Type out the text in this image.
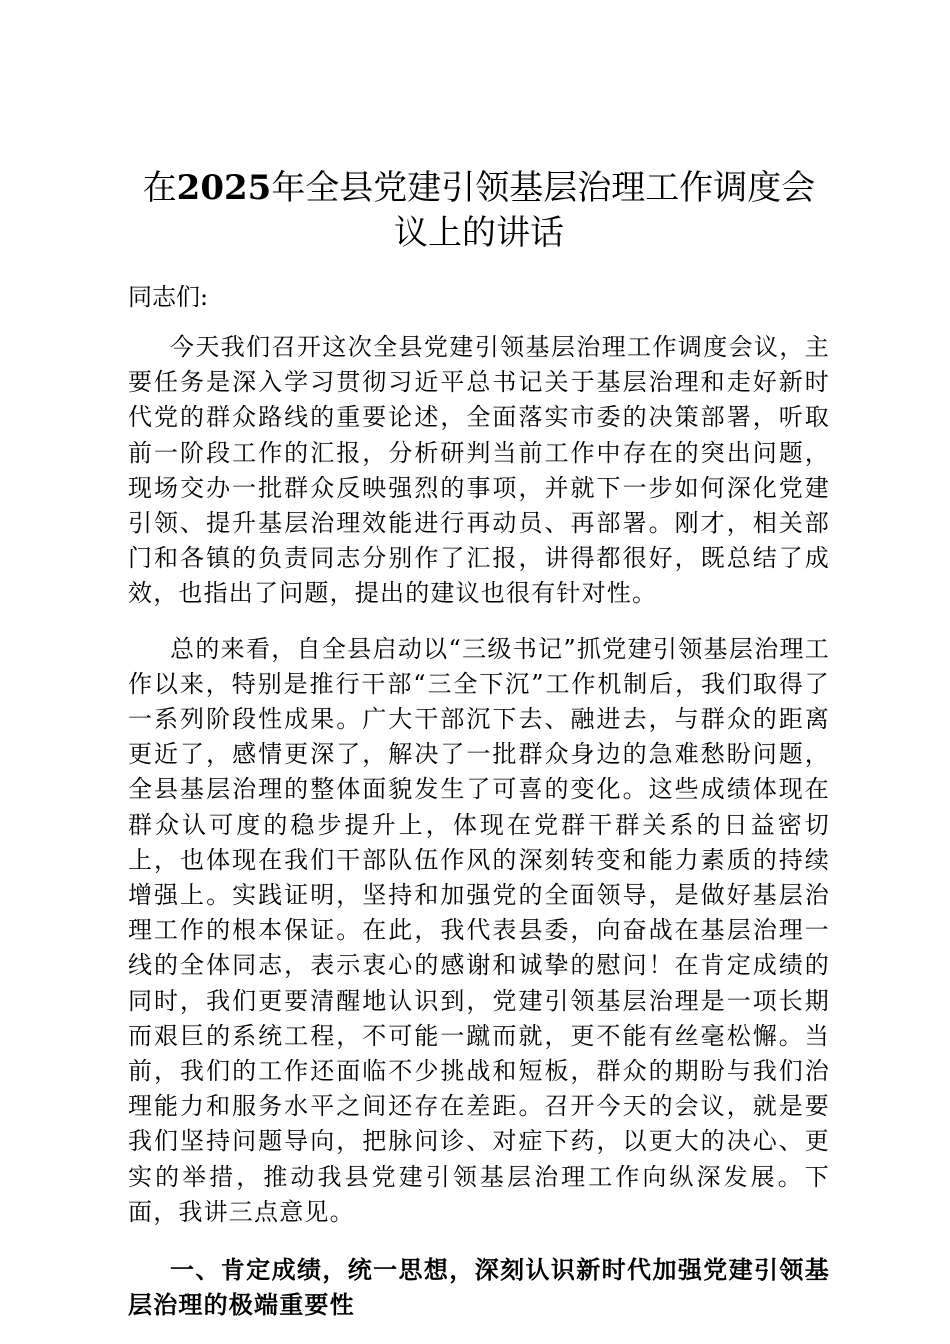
在2025年全县党建引领基层治理工作调度会议上的讲话

同志们:

今天我们召开这次全县党建引领基层治理工作调度会议，主要任务是深入学习贯彻习近平总书记关于基层治理和走好新时代党的群众路线的重要论述，全面落实市委的决策部署，听取前一阶段工作的汇报，分析研判当前工作中存在的突出问题，现场交办一批群众反映强烈的事项，并就下一步如何深化党建引领、提升基层治理效能进行再动员、再部署。刚才，相关部门和各镇的负责同志分别作了汇报，讲得都很好，既总结了成效，也指出了问题，提出的建议也很有针对性。

总的来看，自全县启动以“三级书记”抓党建引领基层治理工作以来，特别是推行干部“三全下沉”工作机制后，我们取得了一系列阶段性成果。广大干部沉下去、融进去，与群众的距离更近了，感情更深了，解决了一批群众身边的急难愁盼问题，全县基层治理的整体面貌发生了可喜的变化。这些成绩体现在群众认可度的稳步提升上，体现在党群干群关系的日益密切上，也体现在我们干部队伍作风的深刻转变和能力素质的持续增强上。实践证明，坚持和加强党的全面领导，是做好基层治理工作的根本保证。在此，我代表县委，向奋战在基层治理一线的全体同志，表示衷心的感谢和诚挚的慰问！在肯定成绩的同时，我们更要清醒地认识到，党建引领基层治理是一项长期而艰巨的系统工程，不可能一蹴而就，更不能有丝毫松懈。当前，我们的工作还面临不少挑战和短板，群众的期盼与我们治理能力和服务水平之间还存在差距。召开今天的会议，就是要我们坚持问题导向，把脉问诊、对症下药，以更大的决心、更实的举措，推动我县党建引领基层治理工作向纵深发展。下面，我讲三点意见。

一、肯定成绩，统一思想，深刻认识新时代加强党建引领基层治理的极端重要性
